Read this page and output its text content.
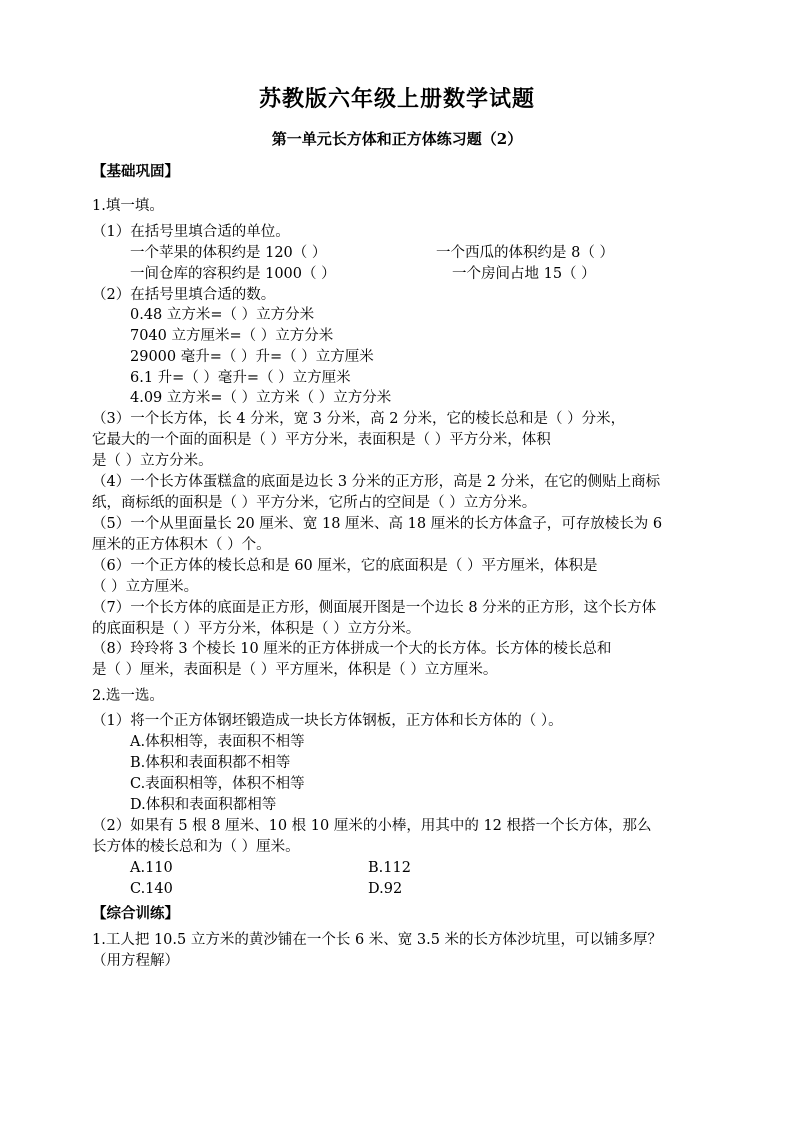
苏教版六年级上册数学试题
第一单元长方体和正方体练习题（2）
【基础巩固】
1.填一填。
（1）在括号里填合适的单位。
一个苹果的体积约是 120（ ）	一个西瓜的体积约是 8（ ）
一间仓库的容积约是 1000（ ）	一个房间占地 15（ ）
（2）在括号里填合适的数。
0.48 立方米=（ ）立方分米
7040 立方厘米=（ ）立方分米
29000 毫升=（ ）升=（ ）立方厘米
6.1 升=（ ）毫升=（ ）立方厘米
4.09 立方米=（ ）立方米（ ）立方分米
（3）一个长方体，长 4 分米，宽 3 分米，高 2 分米，它的棱长总和是（ ）分米，
它最大的一个面的面积是（ ）平方分米，表面积是（ ）平方分米，体积
是（ ）立方分米。
（4）一个长方体蛋糕盒的底面是边长 3 分米的正方形，高是 2 分米，在它的侧贴上商标
纸，商标纸的面积是（ ）平方分米，它所占的空间是（ ）立方分米。
（5）一个从里面量长 20 厘米、宽 18 厘米、高 18 厘米的长方体盒子，可存放棱长为 6
厘米的正方体积木（ ）个。
（6）一个正方体的棱长总和是 60 厘米，它的底面积是（ ）平方厘米，体积是
（ ）立方厘米。
（7）一个长方体的底面是正方形，侧面展开图是一个边长 8 分米的正方形，这个长方体
的底面积是（ ）平方分米，体积是（ ）立方分米。
（8）玲玲将 3 个棱长 10 厘米的正方体拼成一个大的长方体。长方体的棱长总和
是（ ）厘米，表面积是（ ）平方厘米，体积是（ ）立方厘米。
2.选一选。
（1）将一个正方体钢坯锻造成一块长方体钢板，正方体和长方体的（ ）。
A.体积相等，表面积不相等
B.体积和表面积都不相等
C.表面积相等，体积不相等
D.体积和表面积都相等
（2）如果有 5 根 8 厘米、10 根 10 厘米的小棒，用其中的 12 根搭一个长方体，那么
长方体的棱长总和为（ ）厘米。
A.110	B.112
C.140	D.92
【综合训练】
1.工人把 10.5 立方米的黄沙铺在一个长 6 米、宽 3.5 米的长方体沙坑里，可以铺多厚？
（用方程解）
